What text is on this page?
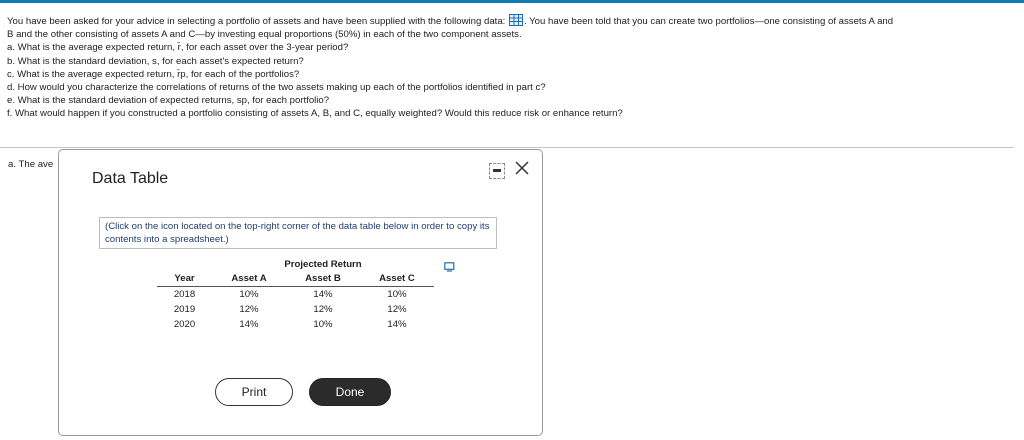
You have been asked for your advice in selecting a portfolio of assets and have been supplied with the following data: . You have been told that you can create two portfolios—one consisting of assets A and

B and the other consisting of assets A and C—by investing equal proportions (50%) in each of the two component assets.

a. What is the average expected return, r̄, for each asset over the 3-year period?

b. What is the standard deviation, s, for each asset's expected return?

c. What is the average expected return, r̄p, for each of the portfolios?

d. How would you characterize the correlations of returns of the two assets making up each of the portfolios identified in part c?

e. What is the standard deviation of expected returns, sp, for each portfolio?

f. What would happen if you constructed a portfolio consisting of assets A, B, and C, equally weighted? Would this reduce risk or enhance return?

a. The ave
Data Table
(Click on the icon located on the top-right corner of the data table below in order to copy its contents into a spreadsheet.)
	Projected Return		
Year	Asset A	Asset B	Asset C
2018	10%	14%	10%
2019	12%	12%	12%
2020	14%	10%	14%
Print	Done
